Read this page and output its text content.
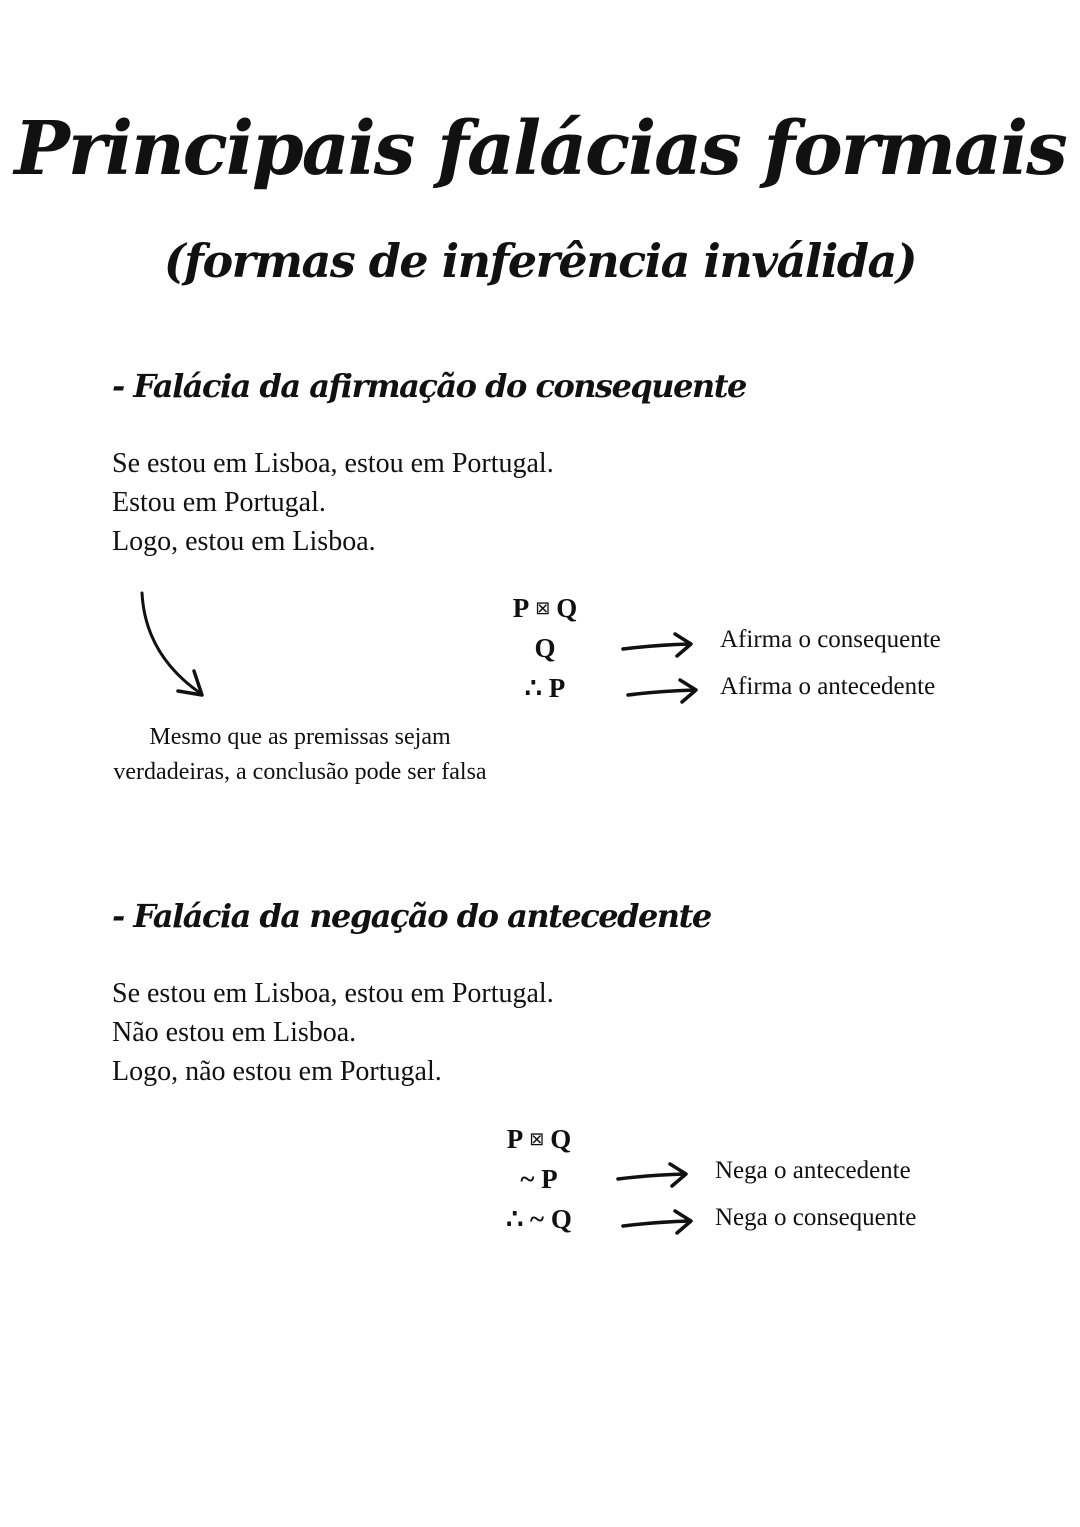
Principais falácias formais
(formas de inferência inválida)
- Falácia da afirmação do consequente
Se estou em Lisboa, estou em Portugal.
Estou em Portugal.
Logo, estou em Lisboa.
Mesmo que as premissas sejam verdadeiras, a conclusão pode ser falsa
P ⊠ Q
Q
∴ P
Afirma o consequente
Afirma o antecedente
- Falácia da negação do antecedente
Se estou em Lisboa, estou em Portugal.
Não estou em Lisboa.
Logo, não estou em Portugal.
P ⊠ Q
~ P
∴ ~ Q
Nega o antecedente
Nega o consequente
